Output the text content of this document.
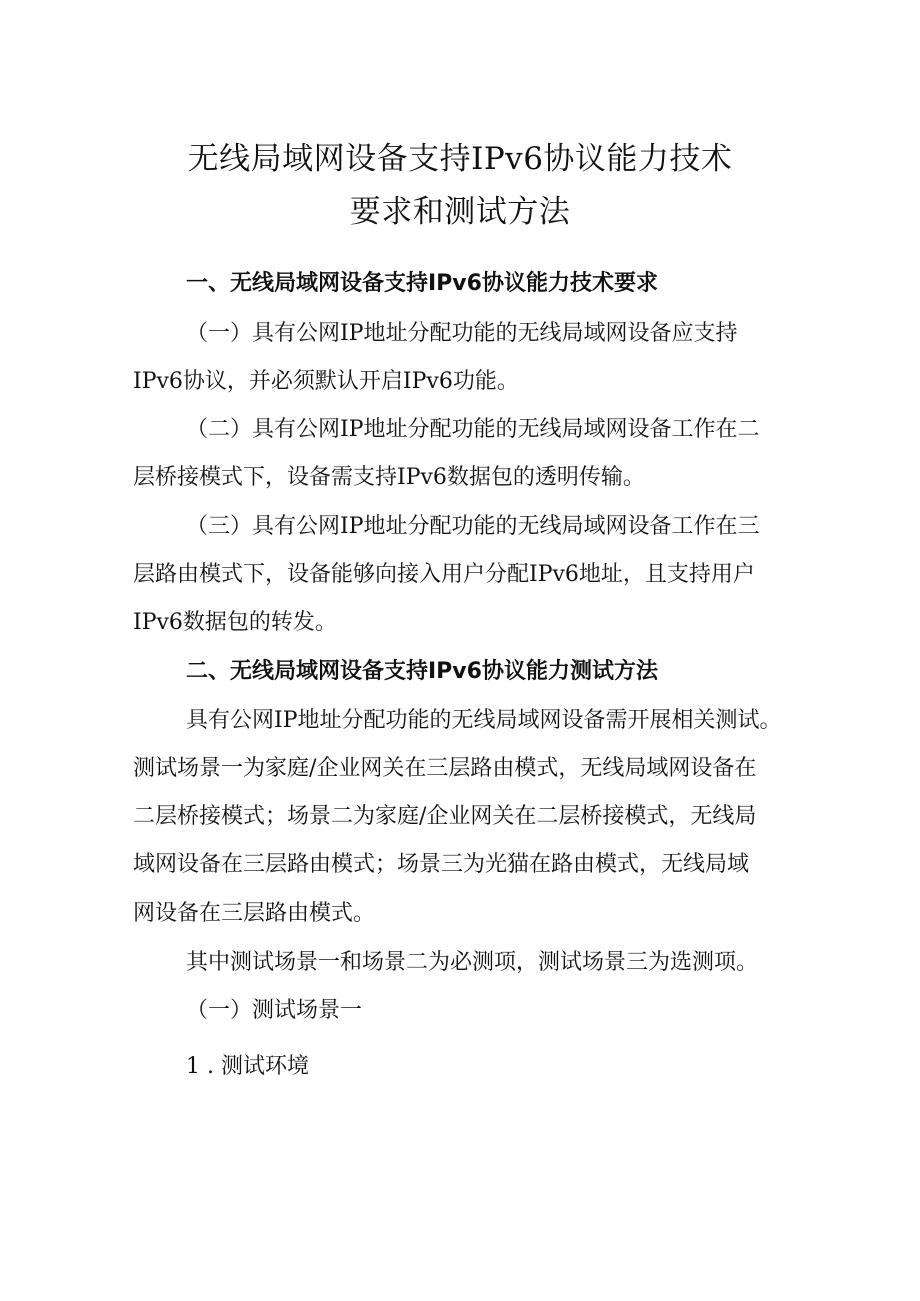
无线局域网设备支持IPv6协议能力技术
要求和测试方法
一、无线局域网设备支持IPv6协议能力技术要求
（一）具有公网IP地址分配功能的无线局域网设备应支持
IPv6协议，并必须默认开启IPv6功能。
（二）具有公网IP地址分配功能的无线局域网设备工作在二
层桥接模式下，设备需支持IPv6数据包的透明传输。
（三）具有公网IP地址分配功能的无线局域网设备工作在三
层路由模式下，设备能够向接入用户分配IPv6地址，且支持用户
IPv6数据包的转发。
二、无线局域网设备支持IPv6协议能力测试方法
具有公网IP地址分配功能的无线局域网设备需开展相关测试。
测试场景一为家庭/企业网关在三层路由模式，无线局域网设备在
二层桥接模式；场景二为家庭/企业网关在二层桥接模式，无线局
域网设备在三层路由模式；场景三为光猫在路由模式，无线局域
网设备在三层路由模式。
其中测试场景一和场景二为必测项，测试场景三为选测项。
（一）测试场景一
1 . 测试环境
